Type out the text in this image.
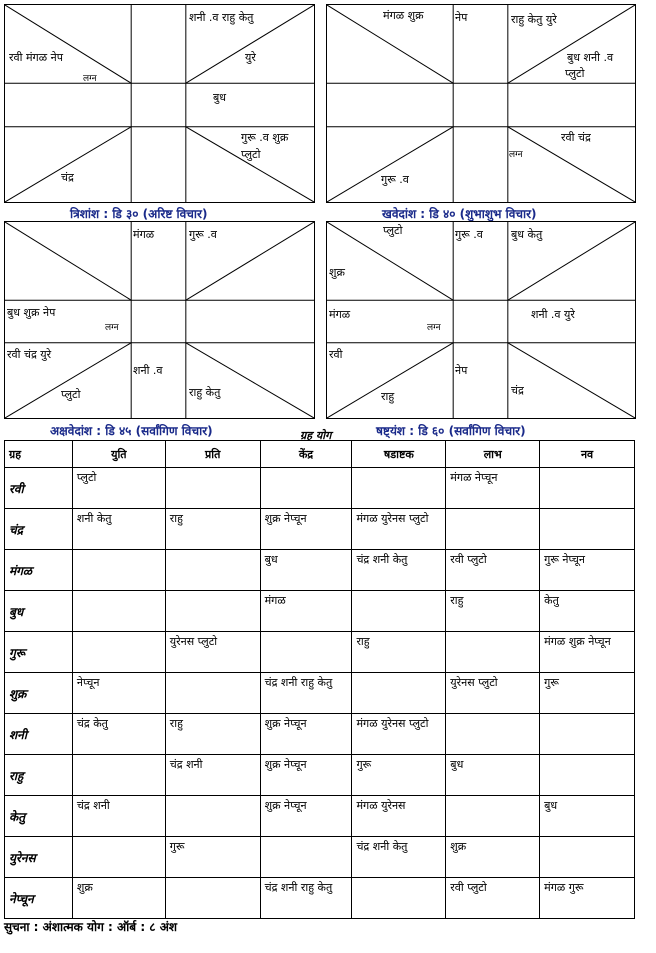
शनी .व राहु केतु
युरे
रवी मंगळ नेप
लग्न
बुध
गुरू .व शुक्र
प्लुटो
चंद्र
त्रिशांश : डि ३० (अरिष्ट विचार)
मंगळ शुक्र	नेप	राहु केतु युरे
बुध शनी .व
प्लुटो
रवी चंद्र
लग्न
गुरू .व
खवेदांश : डि ४० (शुभाशुभ विचार)
मंगळ	गुरू .व
बुध शुक्र नेप
लग्न
रवी चंद्र युरे
शनी .व
प्लुटो	राहु केतु
अक्षवेदांश : डि ४५ (सर्वांगिण विचार)
प्लुटो	गुरू .व	बुध केतु
शुक्र
मंगळ
लग्न
शनी .व युरे
रवी
राहु
नेप
चंद्र
षष्ट्यंश : डि ६० (सर्वांगिण विचार)
ग्रह योग
ग्रह	युति	प्रति	केंद्र	षडाष्टक	लाभ	नव
रवी	प्लुटो				मंगळ नेप्चून	
चंद्र	शनी केतु	राहु	शुक्र नेप्चून	मंगळ युरेनस प्लुटो		
मंगळ			बुध	चंद्र शनी केतु	रवी प्लुटो	गुरू नेप्चून
बुध			मंगळ		राहु	केतु
गुरू		युरेनस प्लुटो		राहु		मंगळ शुक्र नेप्चून
शुक्र	नेप्चून		चंद्र शनी राहु केतु		युरेनस प्लुटो	गुरू
शनी	चंद्र केतु	राहु	शुक्र नेप्चून	मंगळ युरेनस प्लुटो		
राहु		चंद्र शनी	शुक्र नेप्चून	गुरू	बुध	
केतु	चंद्र शनी		शुक्र नेप्चून	मंगळ युरेनस		बुध
युरेनस		गुरू		चंद्र शनी केतु	शुक्र	
नेप्चून	शुक्र		चंद्र शनी राहु केतु		रवी प्लुटो	मंगळ गुरू
सुचना : अंशात्मक योग : ऑर्ब : ८ अंश
